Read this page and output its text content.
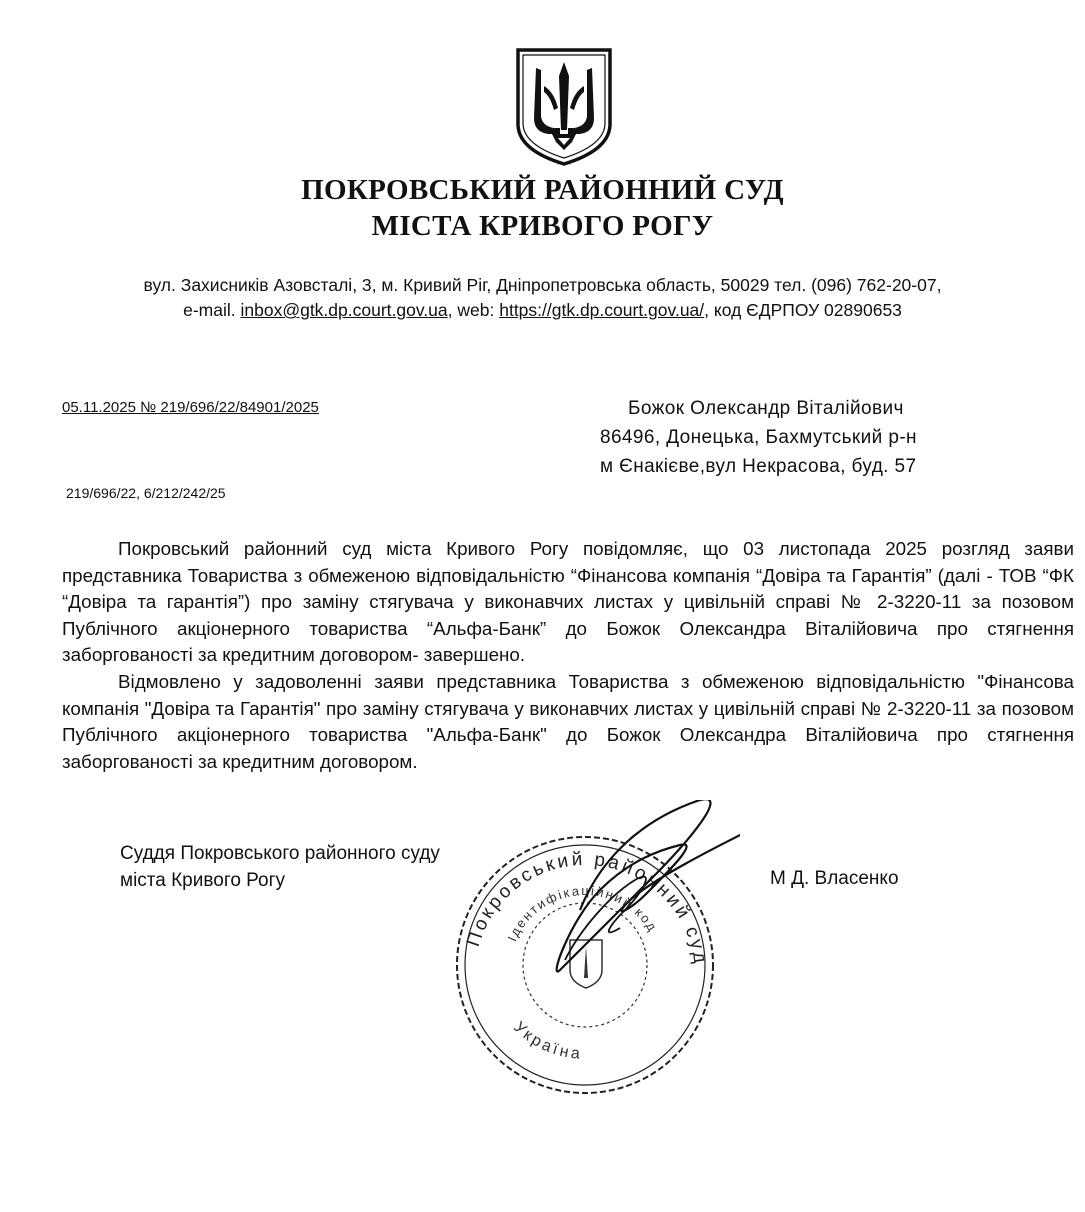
ПОКРОВСЬКИЙ РАЙОННИЙ СУД
МІСТА КРИВОГО РОГУ
вул. Захисників Азовсталі, 3, м. Кривий Ріг, Дніпропетровська область, 50029 тел. (096) 762-20-07,
e-mail. inbox@gtk.dp.court.gov.ua, web: https://gtk.dp.court.gov.ua/, код ЄДРПОУ 02890653
05.11.2025 № 219/696/22/84901/2025
219/696/22, 6/212/242/25
Божок Олександр Віталійович
86496, Донецька, Бахмутський р-н
м Єнакієве,вул Некрасова, буд. 57

Покровський районний суд міста Кривого Рогу повідомляє, що 03 листопада 2025 розгляд заяви представника Товариства з обмеженою відповідальністю “Фінансова компанія “Довіра та Гарантія” (далі - ТОВ “ФК “Довіра та гарантія”) про заміну стягувача у виконавчих листах у цивільній справі № 2-3220-11 за позовом Публічного акціонерного товариства “Альфа-Банк” до Божок Олександра Віталійовича про стягнення заборгованості за кредитним договором- завершено.

Відмовлено у задоволенні заяви представника Товариства з обмеженою відповідальністю "Фінансова компанія "Довіра та Гарантія" про заміну стягувача у виконавчих листах у цивільній справі № 2-3220-11 за позовом Публічного акціонерного товариства "Альфа-Банк" до Божок Олександра Віталійовича про стягнення заборгованості за кредитним договором.

Суддя Покровського районного суду
міста Кривого Рогу	М Д. Власенко
Покровський районний суд
Ідентифікаційний код
Україна
